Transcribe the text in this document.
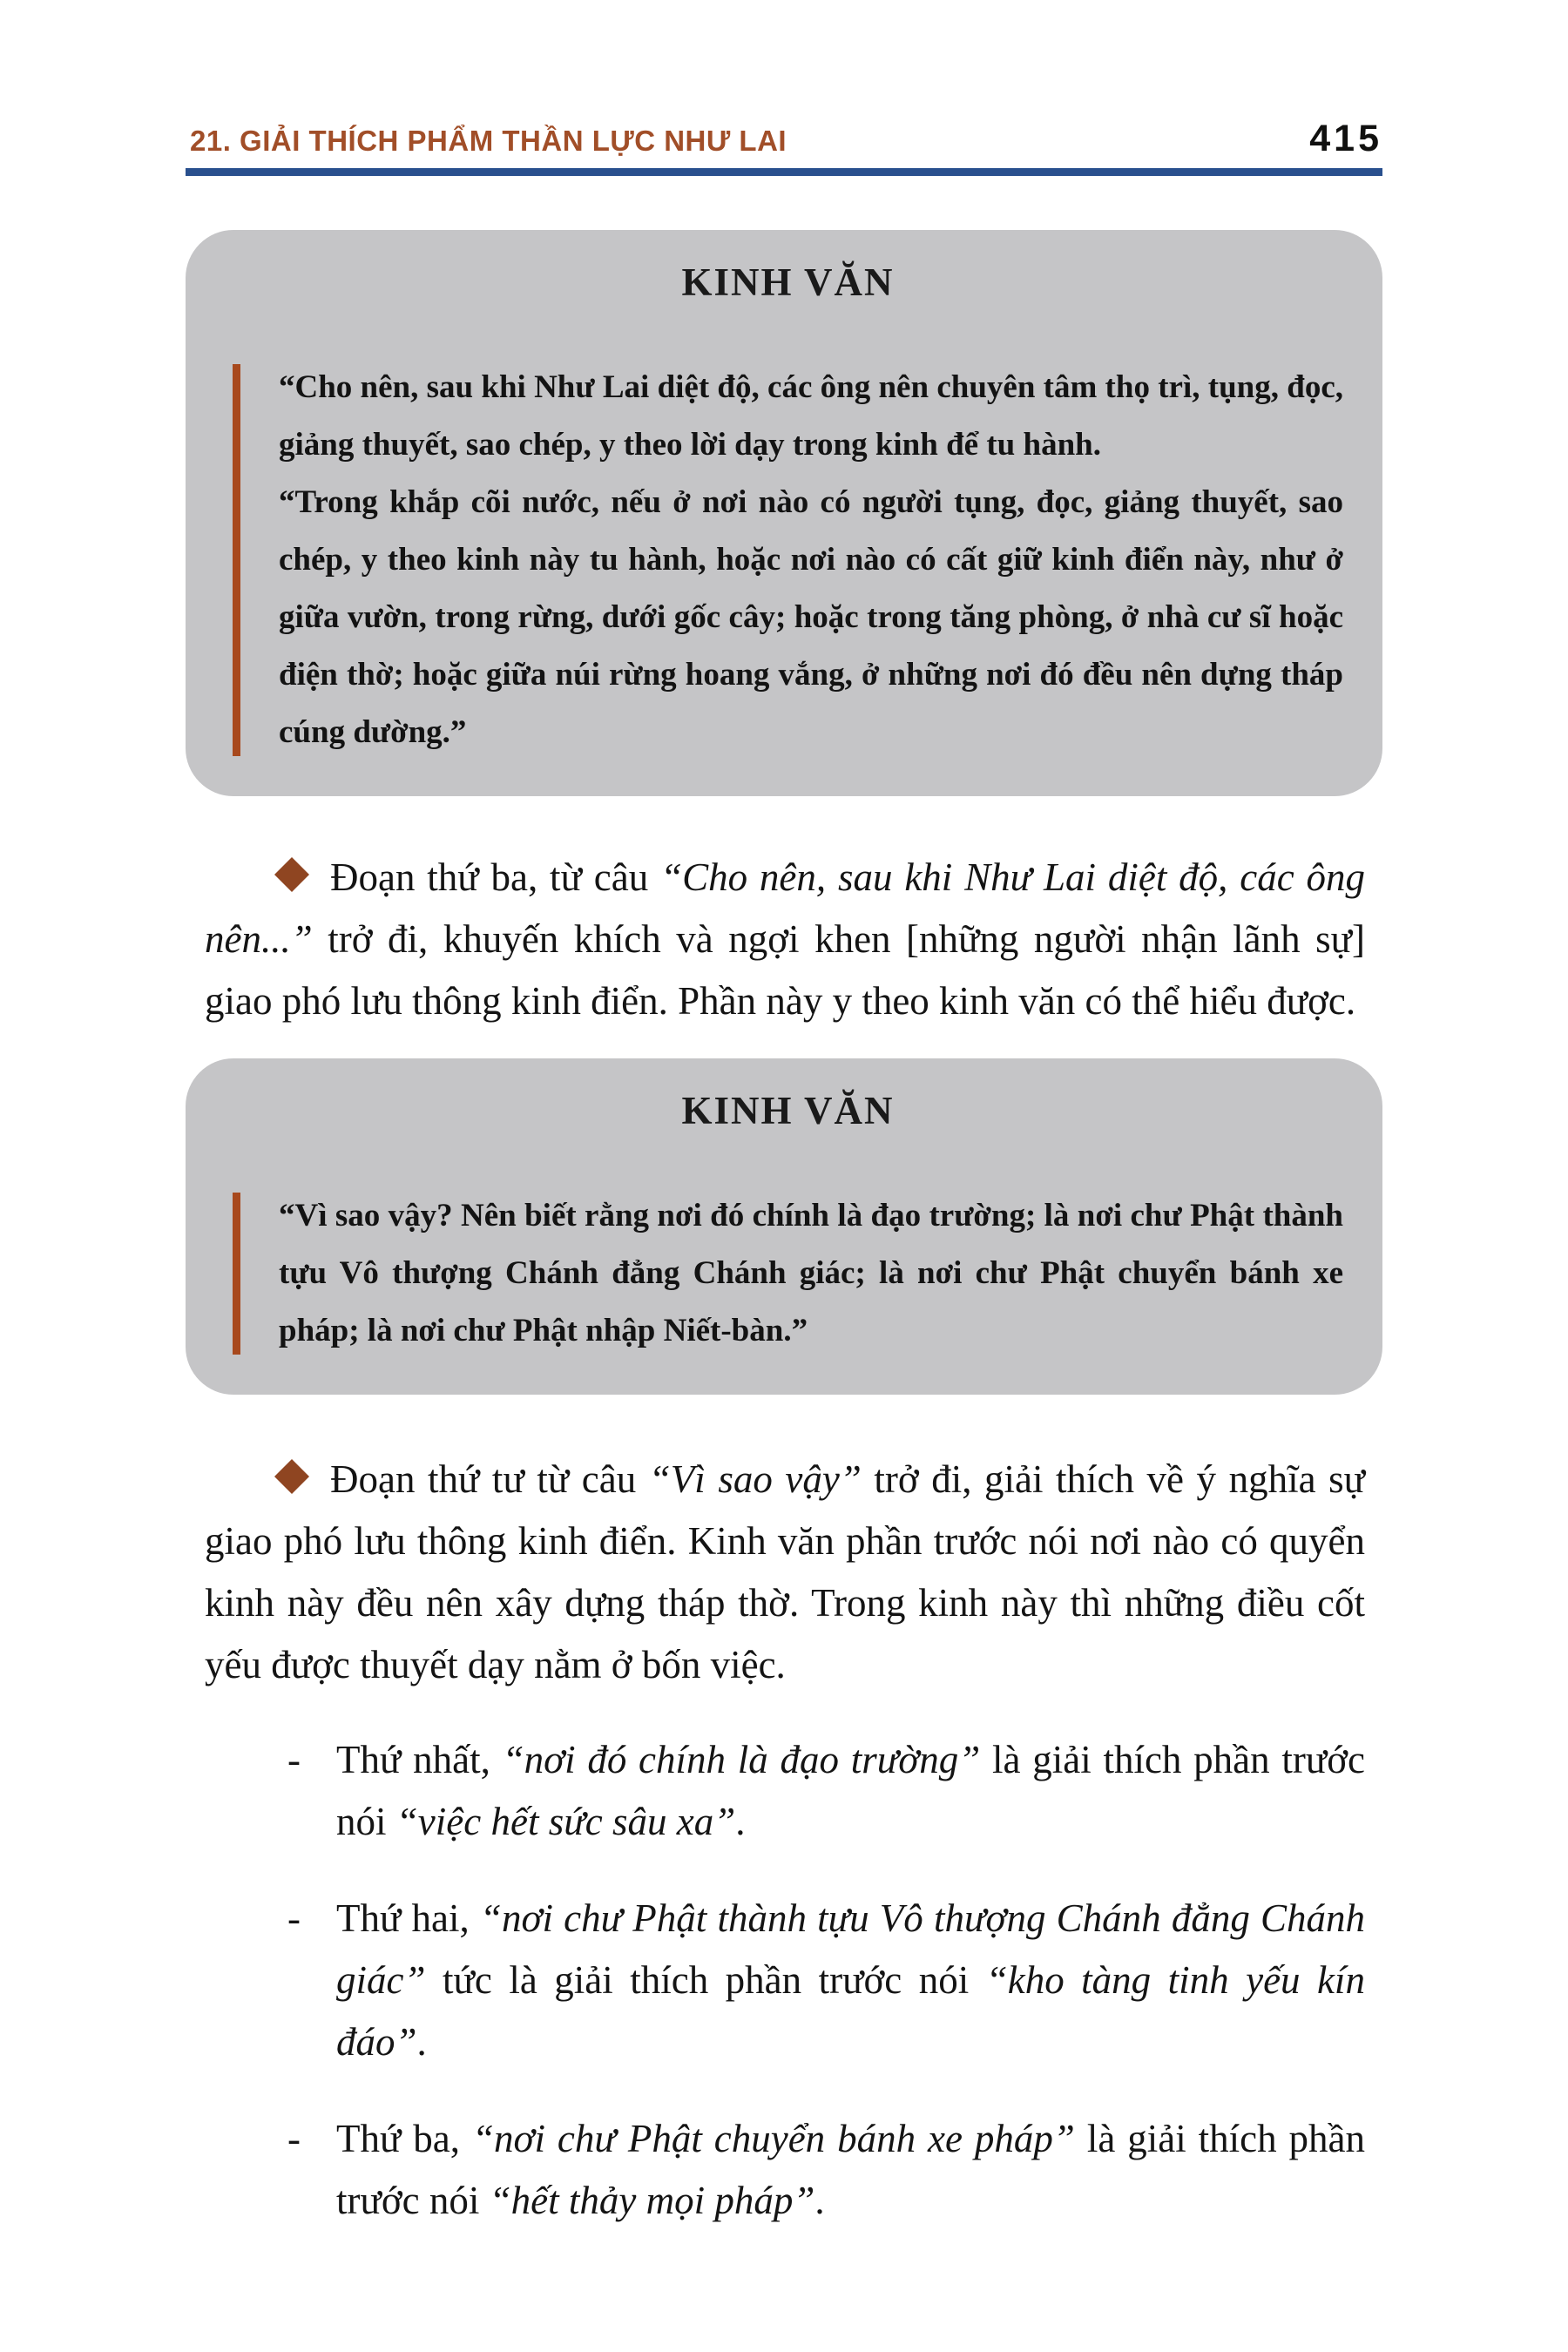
21. GIẢI THÍCH PHẨM THẦN LỰC NHƯ LAI	415
KINH VĂN

“Cho nên, sau khi Như Lai diệt độ, các ông nên chuyên tâm thọ trì, tụng, đọc, giảng thuyết, sao chép, y theo lời dạy trong kinh để tu hành.

“Trong khắp cõi nước, nếu ở nơi nào có người tụng, đọc, giảng thuyết, sao chép, y theo kinh này tu hành, hoặc nơi nào có cất giữ kinh điển này, như ở giữa vườn, trong rừng, dưới gốc cây; hoặc trong tăng phòng, ở nhà cư sĩ hoặc điện thờ; hoặc giữa núi rừng hoang vắng, ở những nơi đó đều nên dựng tháp cúng dường.”

Đoạn thứ ba, từ câu “Cho nên, sau khi Như Lai diệt độ, các ông nên...” trở đi, khuyến khích và ngợi khen [những người nhận lãnh sự] giao phó lưu thông kinh điển. Phần này y theo kinh văn có thể hiểu được.

KINH VĂN

“Vì sao vậy? Nên biết rằng nơi đó chính là đạo trường; là nơi chư Phật thành tựu Vô thượng Chánh đẳng Chánh giác; là nơi chư Phật chuyển bánh xe pháp; là nơi chư Phật nhập Niết-bàn.”

Đoạn thứ tư từ câu “Vì sao vậy” trở đi, giải thích về ý nghĩa sự giao phó lưu thông kinh điển. Kinh văn phần trước nói nơi nào có quyển kinh này đều nên xây dựng tháp thờ. Trong kinh này thì những điều cốt yếu được thuyết dạy nằm ở bốn việc.

- Thứ nhất, “nơi đó chính là đạo trường” là giải thích phần trước nói “việc hết sức sâu xa”.
- Thứ hai, “nơi chư Phật thành tựu Vô thượng Chánh đẳng Chánh giác” tức là giải thích phần trước nói “kho tàng tinh yếu kín đáo”.
- Thứ ba, “nơi chư Phật chuyển bánh xe pháp” là giải thích phần trước nói “hết thảy mọi pháp”.
